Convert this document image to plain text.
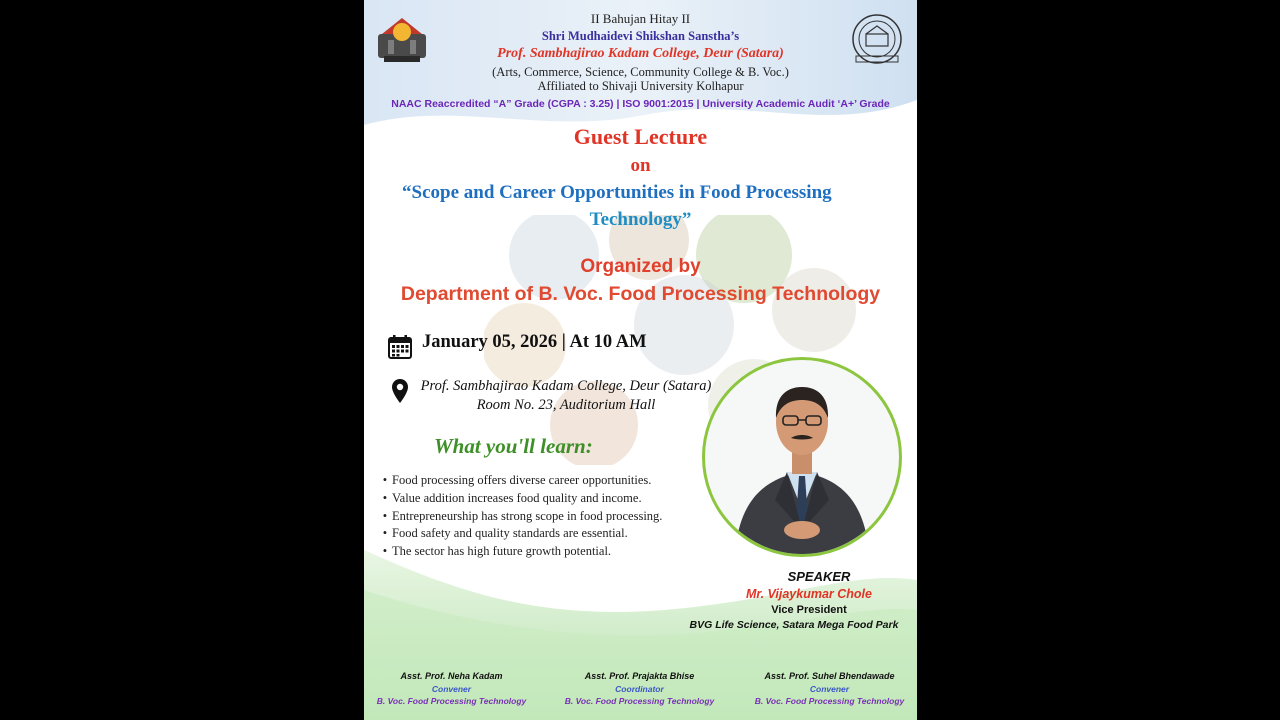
II Bahujan Hitay II
Shri Mudhaidevi Shikshan Sanstha’s
Prof. Sambhajirao Kadam College, Deur (Satara)
(Arts, Commerce, Science, Community College & B. Voc.)
Affiliated to Shivaji University Kolhapur
NAAC Reaccredited “A” Grade (CGPA : 3.25) | ISO 9001:2015 | University Academic Audit ‘A+’ Grade
Guest Lecture
on
“Scope and Career Opportunities in Food Processing
Technology”
Organized by
Department of B. Voc. Food Processing Technology
January 05, 2026 | At 10 AM
Prof. Sambhajirao Kadam College, Deur (Satara)
Room No. 23, Auditorium Hall
What you'll learn:
• Food processing offers diverse career opportunities.
• Value addition increases food quality and income.
• Entrepreneurship has strong scope in food processing.
• Food safety and quality standards are essential.
• The sector has high future growth potential.
SPEAKER
Mr. Vijaykumar Chole
Vice President
BVG Life Science, Satara Mega Food Park
Asst. Prof. Neha Kadam
Convener
B. Voc. Food Processing Technology
Asst. Prof. Prajakta Bhise
Coordinator
B. Voc. Food Processing Technology
Asst. Prof. Suhel Bhendawade
Convener
B. Voc. Food Processing Technology
